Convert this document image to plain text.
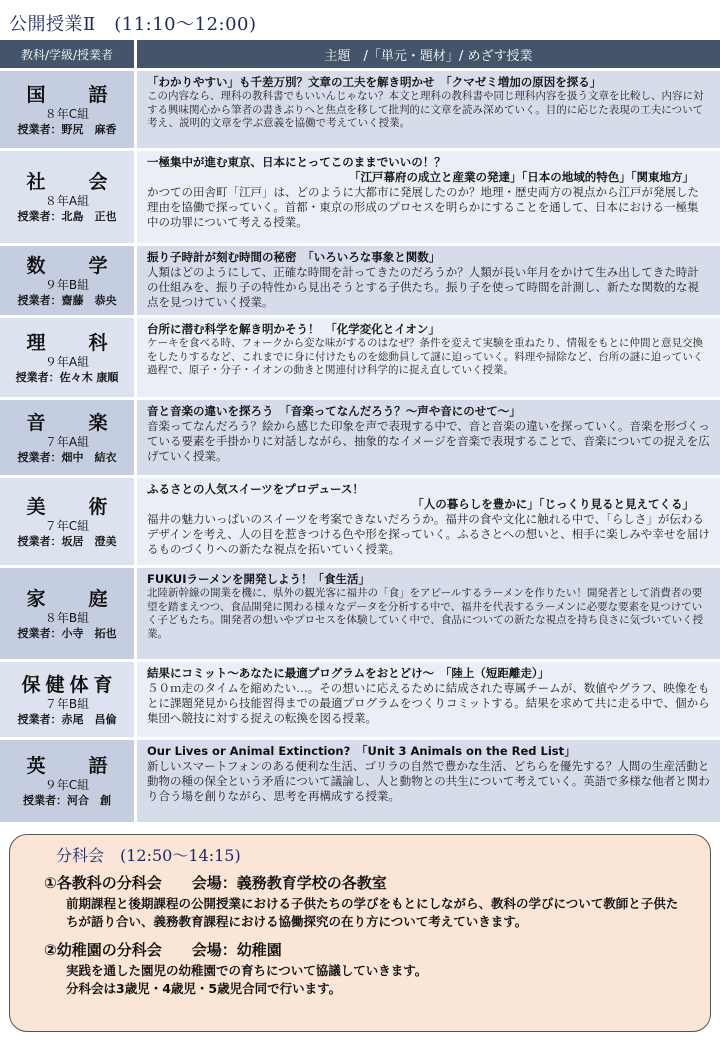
公開授業Ⅱ　(11:10〜12:00)
教科/学級/授業者	主題　/「単元・題材」/ めざす授業
国　語
８年C組
授業者：野尻　麻香
「わかりやすい」も千差万別？文章の工夫を解き明かせ　「クマゼミ増加の原因を探る」
この内容なら、理科の教科書でもいいんじゃない？本文と理科の教科書や同じ理科内容を扱う文章を比較し、内容に対する興味関心から筆者の書きぶりへと焦点を移して批判的に文章を読み深めていく。目的に応じた表現の工夫について考え、説明的文章を学ぶ意義を協働で考えていく授業。
社　会
８年A組
授業者：北島　正也
一極集中が進む東京、日本にとってこのままでいいの！？
「江戸幕府の成立と産業の発達」「日本の地域的特色」「関東地方」
かつての田舎町「江戸」は、どのように大都市に発展したのか？地理・歴史両方の視点から江戸が発展した理由を協働で探っていく。首都・東京の形成のプロセスを明らかにすることを通して、日本における一極集中の功罪について考える授業。
数　学
９年B組
授業者：齋藤　恭央
振り子時計が刻む時間の秘密　「いろいろな事象と関数」
人類はどのようにして、正確な時間を計ってきたのだろうか？人類が長い年月をかけて生み出してきた時計の仕組みを、振り子の特性から見出そうとする子供たち。振り子を使って時間を計測し、新たな関数的な視点を見つけていく授業。
理　科
９年A組
授業者：佐々木 康順
台所に潜む科学を解き明かそう！　「化学変化とイオン」
ケーキを食べる時、フォークから変な味がするのはなぜ？条件を変えて実験を重ねたり、情報をもとに仲間と意見交換をしたりするなど、これまでに身に付けたものを総動員して謎に迫っていく。料理や掃除など、台所の謎に迫っていく過程で、原子・分子・イオンの動きと関連付け科学的に捉え直していく授業。
音　楽
７年A組
授業者：畑中　結衣
音と音楽の違いを探ろう　「音楽ってなんだろう？〜声や音にのせて〜」
音楽ってなんだろう？絵から感じた印象を声で表現する中で、音と音楽の違いを探っていく。音楽を形づくっている要素を手掛かりに対話しながら、抽象的なイメージを音楽で表現することで、音楽についての捉えを広げていく授業。
美　術
７年C組
授業者：坂居　澄美
ふるさとの人気スイーツをプロデュース！
「人の暮らしを豊かに」「じっくり見ると見えてくる」
福井の魅力いっぱいのスイーツを考案できないだろうか。福井の食や文化に触れる中で、「らしさ」が伝わるデザインを考え、人の目を惹きつける色や形を探っていく。ふるさとへの想いと、相手に楽しみや幸せを届けるものづくりへの新たな視点を拓いていく授業。
家　庭
８年B組
授業者：小寺　拓也
FUKUIラーメンを開発しよう！「食生活」
北陸新幹線の開業を機に、県外の観光客に福井の「食」をアピールするラーメンを作りたい！開発者として消費者の要望を踏まえつつ、食品開発に関わる様々なデータを分析する中で、福井を代表するラーメンに必要な要素を見つけていく子どもたち。開発者の想いやプロセスを体験していく中で、食品についての新たな視点を持ち良さに気づいていく授業。
保健体育
７年B組
授業者：赤尾　昌倫
結果にコミット〜あなたに最適プログラムをおとどけ〜　「陸上（短距離走）」
５０ｍ走のタイムを縮めたい…。その想いに応えるために結成された専属チームが、数値やグラフ、映像をもとに課題発見から技能習得までの最適プログラムをつくりコミットする。結果を求めて共に走る中で、個から集団へ競技に対する捉えの転換を図る授業。
英　語
９年C組
授業者：河合　創
Our Lives or Animal Extinction?　「Unit 3 Animals on the Red List」
新しいスマートフォンのある便利な生活、ゴリラの自然で豊かな生活、どちらを優先する？人間の生産活動と動物の種の保全という矛盾について議論し、人と動物との共生について考えていく。英語で多様な他者と関わり合う場を創りながら、思考を再構成する授業。
分科会　(12:50〜14:15)
①各教科の分科会　　会場：義務教育学校の各教室
前期課程と後期課程の公開授業における子供たちの学びをもとにしながら、教科の学びについて教師と子供たちが語り合い、義務教育課程における協働探究の在り方について考えていきます。
②幼稚園の分科会　　会場：幼稚園
実践を通した園児の幼稚園での育ちについて協議していきます。
分科会は3歳児・4歳児・5歳児合同で行います。
